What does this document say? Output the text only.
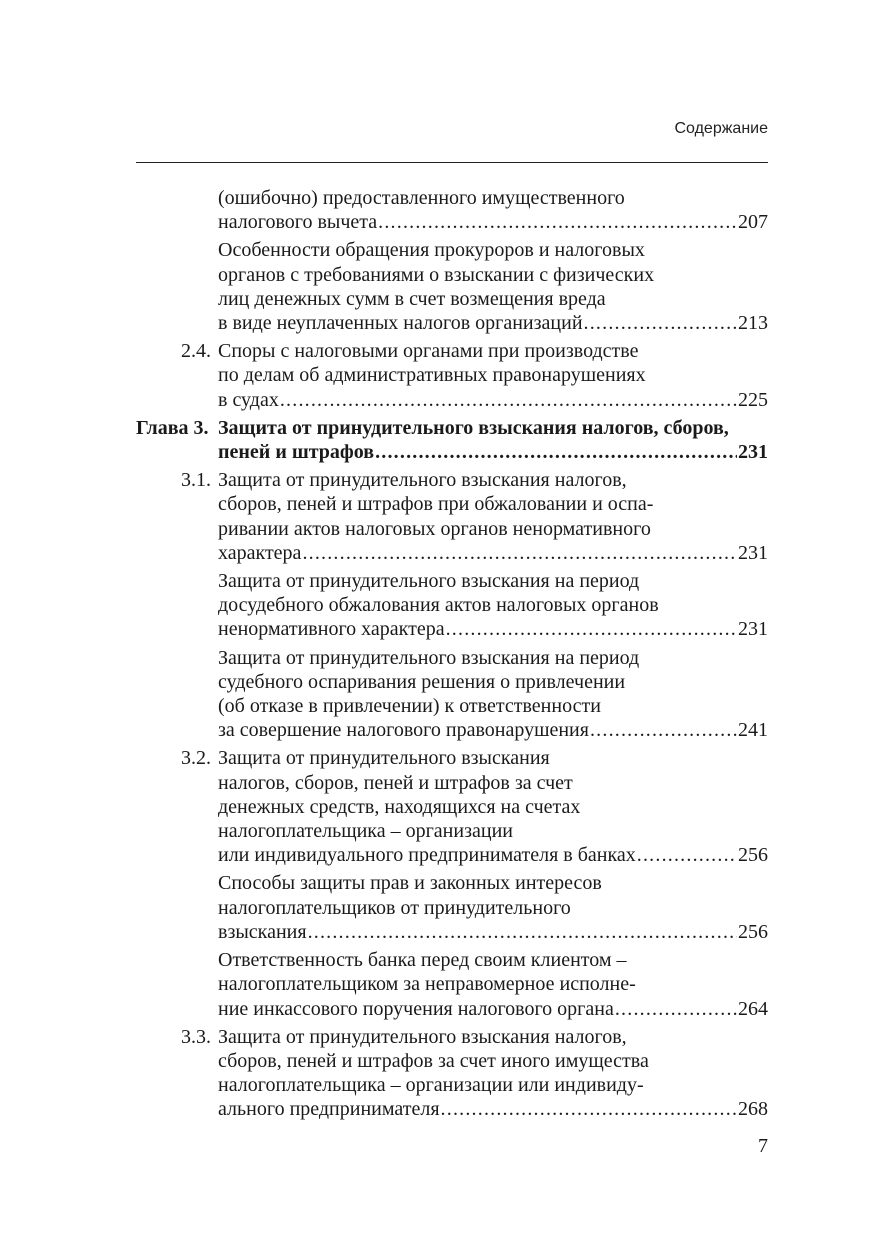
Содержание
(ошибочно) предоставленного имущественного
налогового вычета .....	207
Особенности обращения прокуроров и налоговых
органов с требованиями о взыскании с физических
лиц денежных сумм в счет возмещения вреда
в виде неуплаченных налогов организаций .....	213
2.4. Споры с налоговыми органами при производстве
по делам об административных правонарушениях
в судах .....	225
Глава 3. Защита от принудительного взыскания налогов, сборов,
пеней и штрафов .....	231
3.1. Защита от принудительного взыскания налогов,
сборов, пеней и штрафов при обжаловании и оспа-
ривании актов налоговых органов ненормативного
характера .....	231
Защита от принудительного взыскания на период
досудебного обжалования актов налоговых органов
ненормативного характера .....	231
Защита от принудительного взыскания на период
судебного оспаривания решения о привлечении
(об отказе в привлечении) к ответственности
за совершение налогового правонарушения .....	241
3.2. Защита от принудительного взыскания
налогов, сборов, пеней и штрафов за счет
денежных средств, находящихся на счетах
налогоплательщика – организации
или индивидуального предпринимателя в банках .....	256
Способы защиты прав и законных интересов
налогоплательщиков от принудительного
взыскания .....	256
Ответственность банка перед своим клиентом –
налогоплательщиком за неправомерное исполне-
ние инкассового поручения налогового органа .....	264
3.3. Защита от принудительного взыскания налогов,
сборов, пеней и штрафов за счет иного имущества
налогоплательщика – организации или индивиду-
ального предпринимателя .....	268
7
